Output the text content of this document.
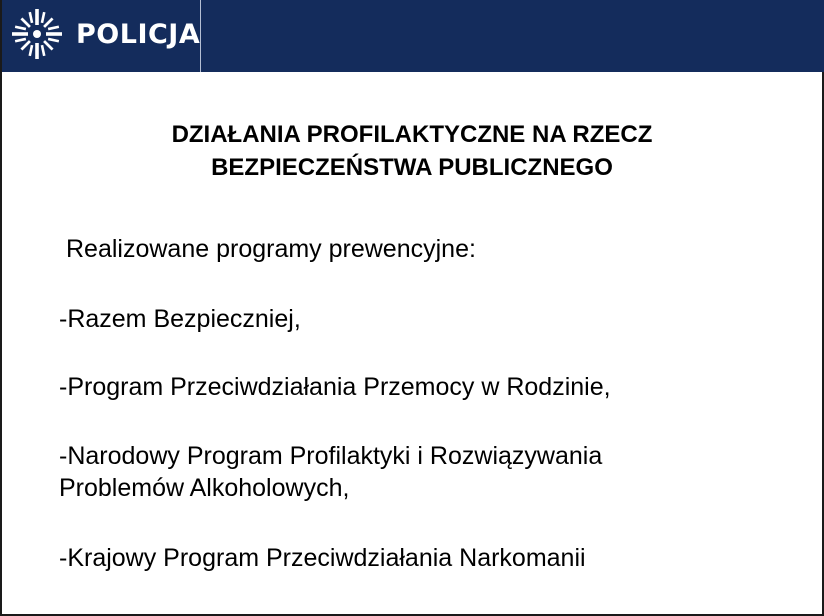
POLICJA
DZIAŁANIA PROFILAKTYCZNE NA RZECZ
BEZPIECZEŃSTWA PUBLICZNEGO

Realizowane programy prewencyjne:

-Razem Bezpieczniej,
-Program Przeciwdziałania Przemocy w Rodzinie,
-Narodowy Program Profilaktyki i Rozwiązywania
Problemów Alkoholowych,
-Krajowy Program Przeciwdziałania Narkomanii
